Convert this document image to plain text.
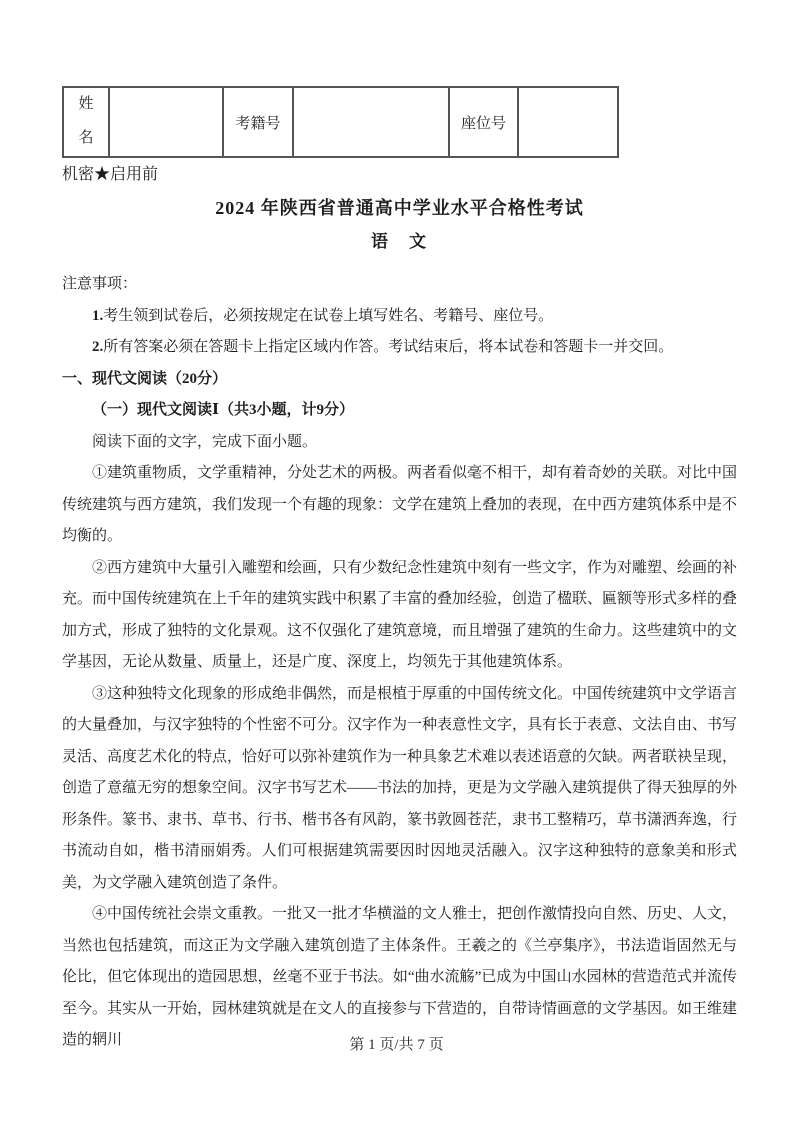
姓名		考籍号		座位号	
机密★启用前
2024 年陕西省普通高中学业水平合格性考试
语　文
注意事项：

1.考生领到试卷后，必须按规定在试卷上填写姓名、考籍号、座位号。

2.所有答案必须在答题卡上指定区域内作答。考试结束后，将本试卷和答题卡一并交回。

一、现代文阅读（20分）
（一）现代文阅读Ⅰ（共3小题，计9分）

阅读下面的文字，完成下面小题。

①建筑重物质，文学重精神，分处艺术的两极。两者看似毫不相干，却有着奇妙的关联。对比中国传统建筑与西方建筑，我们发现一个有趣的现象：文学在建筑上叠加的表现，在中西方建筑体系中是不均衡的。

②西方建筑中大量引入雕塑和绘画，只有少数纪念性建筑中刻有一些文字，作为对雕塑、绘画的补充。而中国传统建筑在上千年的建筑实践中积累了丰富的叠加经验，创造了楹联、匾额等形式多样的叠加方式，形成了独特的文化景观。这不仅强化了建筑意境，而且增强了建筑的生命力。这些建筑中的文学基因，无论从数量、质量上，还是广度、深度上，均领先于其他建筑体系。

③这种独特文化现象的形成绝非偶然，而是根植于厚重的中国传统文化。中国传统建筑中文学语言的大量叠加，与汉字独特的个性密不可分。汉字作为一种表意性文字，具有长于表意、文法自由、书写灵活、高度艺术化的特点，恰好可以弥补建筑作为一种具象艺术难以表述语意的欠缺。两者联袂呈现，创造了意蕴无穷的想象空间。汉字书写艺术——书法的加持，更是为文学融入建筑提供了得天独厚的外形条件。篆书、隶书、草书、行书、楷书各有风韵，篆书敦圆苍茫，隶书工整精巧，草书潇洒奔逸，行书流动自如，楷书清丽娟秀。人们可根据建筑需要因时因地灵活融入。汉字这种独特的意象美和形式美，为文学融入建筑创造了条件。

④中国传统社会崇文重教。一批又一批才华横溢的文人雅士，把创作激情投向自然、历史、人文，当然也包括建筑，而这正为文学融入建筑创造了主体条件。王羲之的《兰亭集序》，书法造诣固然无与伦比，但它体现出的造园思想，丝毫不亚于书法。如“曲水流觞”已成为中国山水园林的营造范式并流传至今。其实从一开始，园林建筑就是在文人的直接参与下营造的，自带诗情画意的文学基因。如王维建造的辋川	第 1 页/共 7 页
